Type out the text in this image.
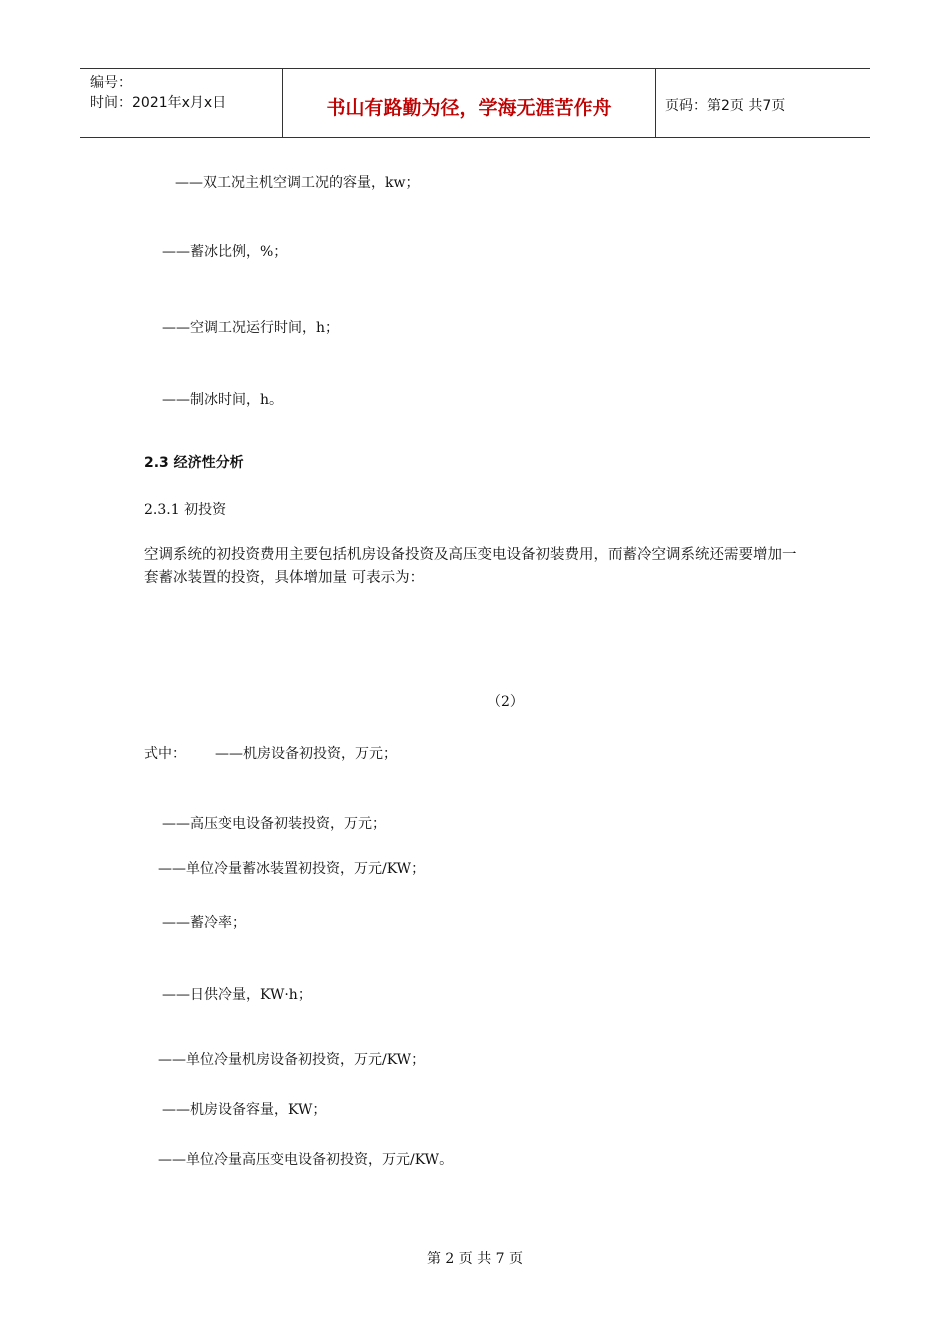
编号：
时间：2021年x月x日	书山有路勤为径，学海无涯苦作舟	页码：第2页 共7页
——双工况主机空调工况的容量，kw；
——蓄冰比例，%；
——空调工况运行时间，h；
——制冰时间，h。
2.3 经济性分析
2.3.1 初投资
空调系统的初投资费用主要包括机房设备投资及高压变电设备初装费用，而蓄冷空调系统还需要增加一套蓄冰装置的投资，具体增加量 可表示为：
（2）
式中： ——机房设备初投资，万元；
——高压变电设备初装投资，万元；
——单位冷量蓄冰装置初投资，万元/KW；
——蓄冷率；
——日供冷量，KW·h；
——单位冷量机房设备初投资，万元/KW；
——机房设备容量，KW；
——单位冷量高压变电设备初投资，万元/KW。
第 2 页 共 7 页
